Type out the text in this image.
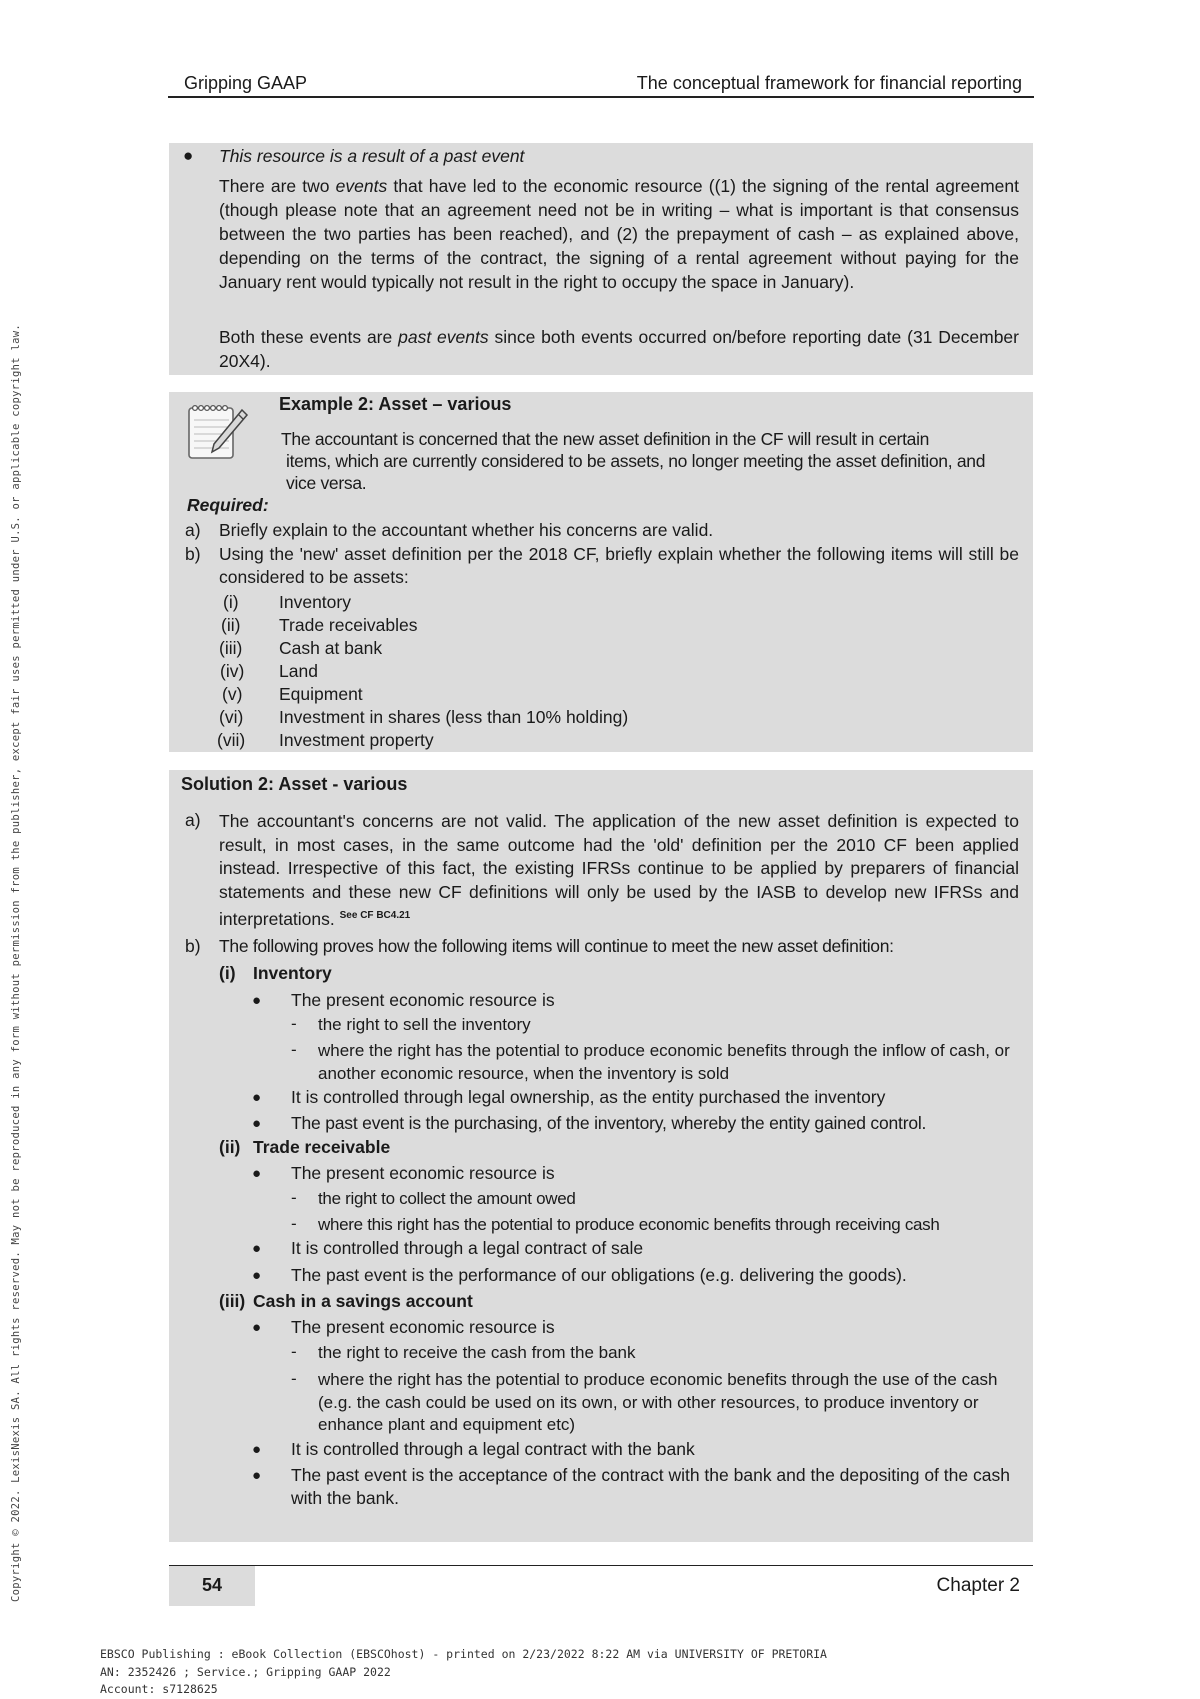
Copyright © 2022. LexisNexis SA. All rights reserved. May not be reproduced in any form without permission from the publisher, except fair uses permitted under U.S. or applicable copyright law.
Gripping GAAP	The conceptual framework for financial reporting
● This resource is a result of a past event
There are two events that have led to the economic resource ((1) the signing of the rental agreement (though please note that an agreement need not be in writing – what is important is that consensus between the two parties has been reached), and (2) the prepayment of cash – as explained above, depending on the terms of the contract, the signing of a rental agreement without paying for the January rent would typically not result in the right to occupy the space in January).
Both these events are past events since both events occurred on/before reporting date (31 December 20X4).
Example 2: Asset – various
The accountant is concerned that the new asset definition in the CF will result in certain
items, which are currently considered to be assets, no longer meeting the asset definition, and vice versa.
Required:
a) Briefly explain to the accountant whether his concerns are valid.
b) Using the 'new' asset definition per the 2018 CF, briefly explain whether the following items will still be considered to be assets:
(i)	Inventory
(ii)	Trade receivables
(iii)	Cash at bank
(iv)	Land
(v)	Equipment
(vi)	Investment in shares (less than 10% holding)
(vii)	Investment property
Solution 2: Asset - various
a) The accountant's concerns are not valid. The application of the new asset definition is expected to result, in most cases, in the same outcome had the 'old' definition per the 2010 CF been applied instead. Irrespective of this fact, the existing IFRSs continue to be applied by preparers of financial statements and these new CF definitions will only be used by the IASB to develop new IFRSs and interpretations. $^{See CF BC4.21}$
b) The following proves how the following items will continue to meet the new asset definition:
(i) Inventory
● The present economic resource is
- the right to sell the inventory
- where the right has the potential to produce economic benefits through the inflow of cash, or another economic resource, when the inventory is sold
● It is controlled through legal ownership, as the entity purchased the inventory
● The past event is the purchasing, of the inventory, whereby the entity gained control.
(ii) Trade receivable
● The present economic resource is
- the right to collect the amount owed
- where this right has the potential to produce economic benefits through receiving cash
● It is controlled through a legal contract of sale
● The past event is the performance of our obligations (e.g. delivering the goods).
(iii) Cash in a savings account
● The present economic resource is
- the right to receive the cash from the bank
- where the right has the potential to produce economic benefits through the use of the cash (e.g. the cash could be used on its own, or with other resources, to produce inventory or enhance plant and equipment etc)
● It is controlled through a legal contract with the bank
● The past event is the acceptance of the contract with the bank and the depositing of the cash with the bank.
54	Chapter 2
EBSCO Publishing : eBook Collection (EBSCOhost) - printed on 2/23/2022 8:22 AM via UNIVERSITY OF PRETORIA
AN: 2352426 ; Service.; Gripping GAAP 2022
Account: s7128625
